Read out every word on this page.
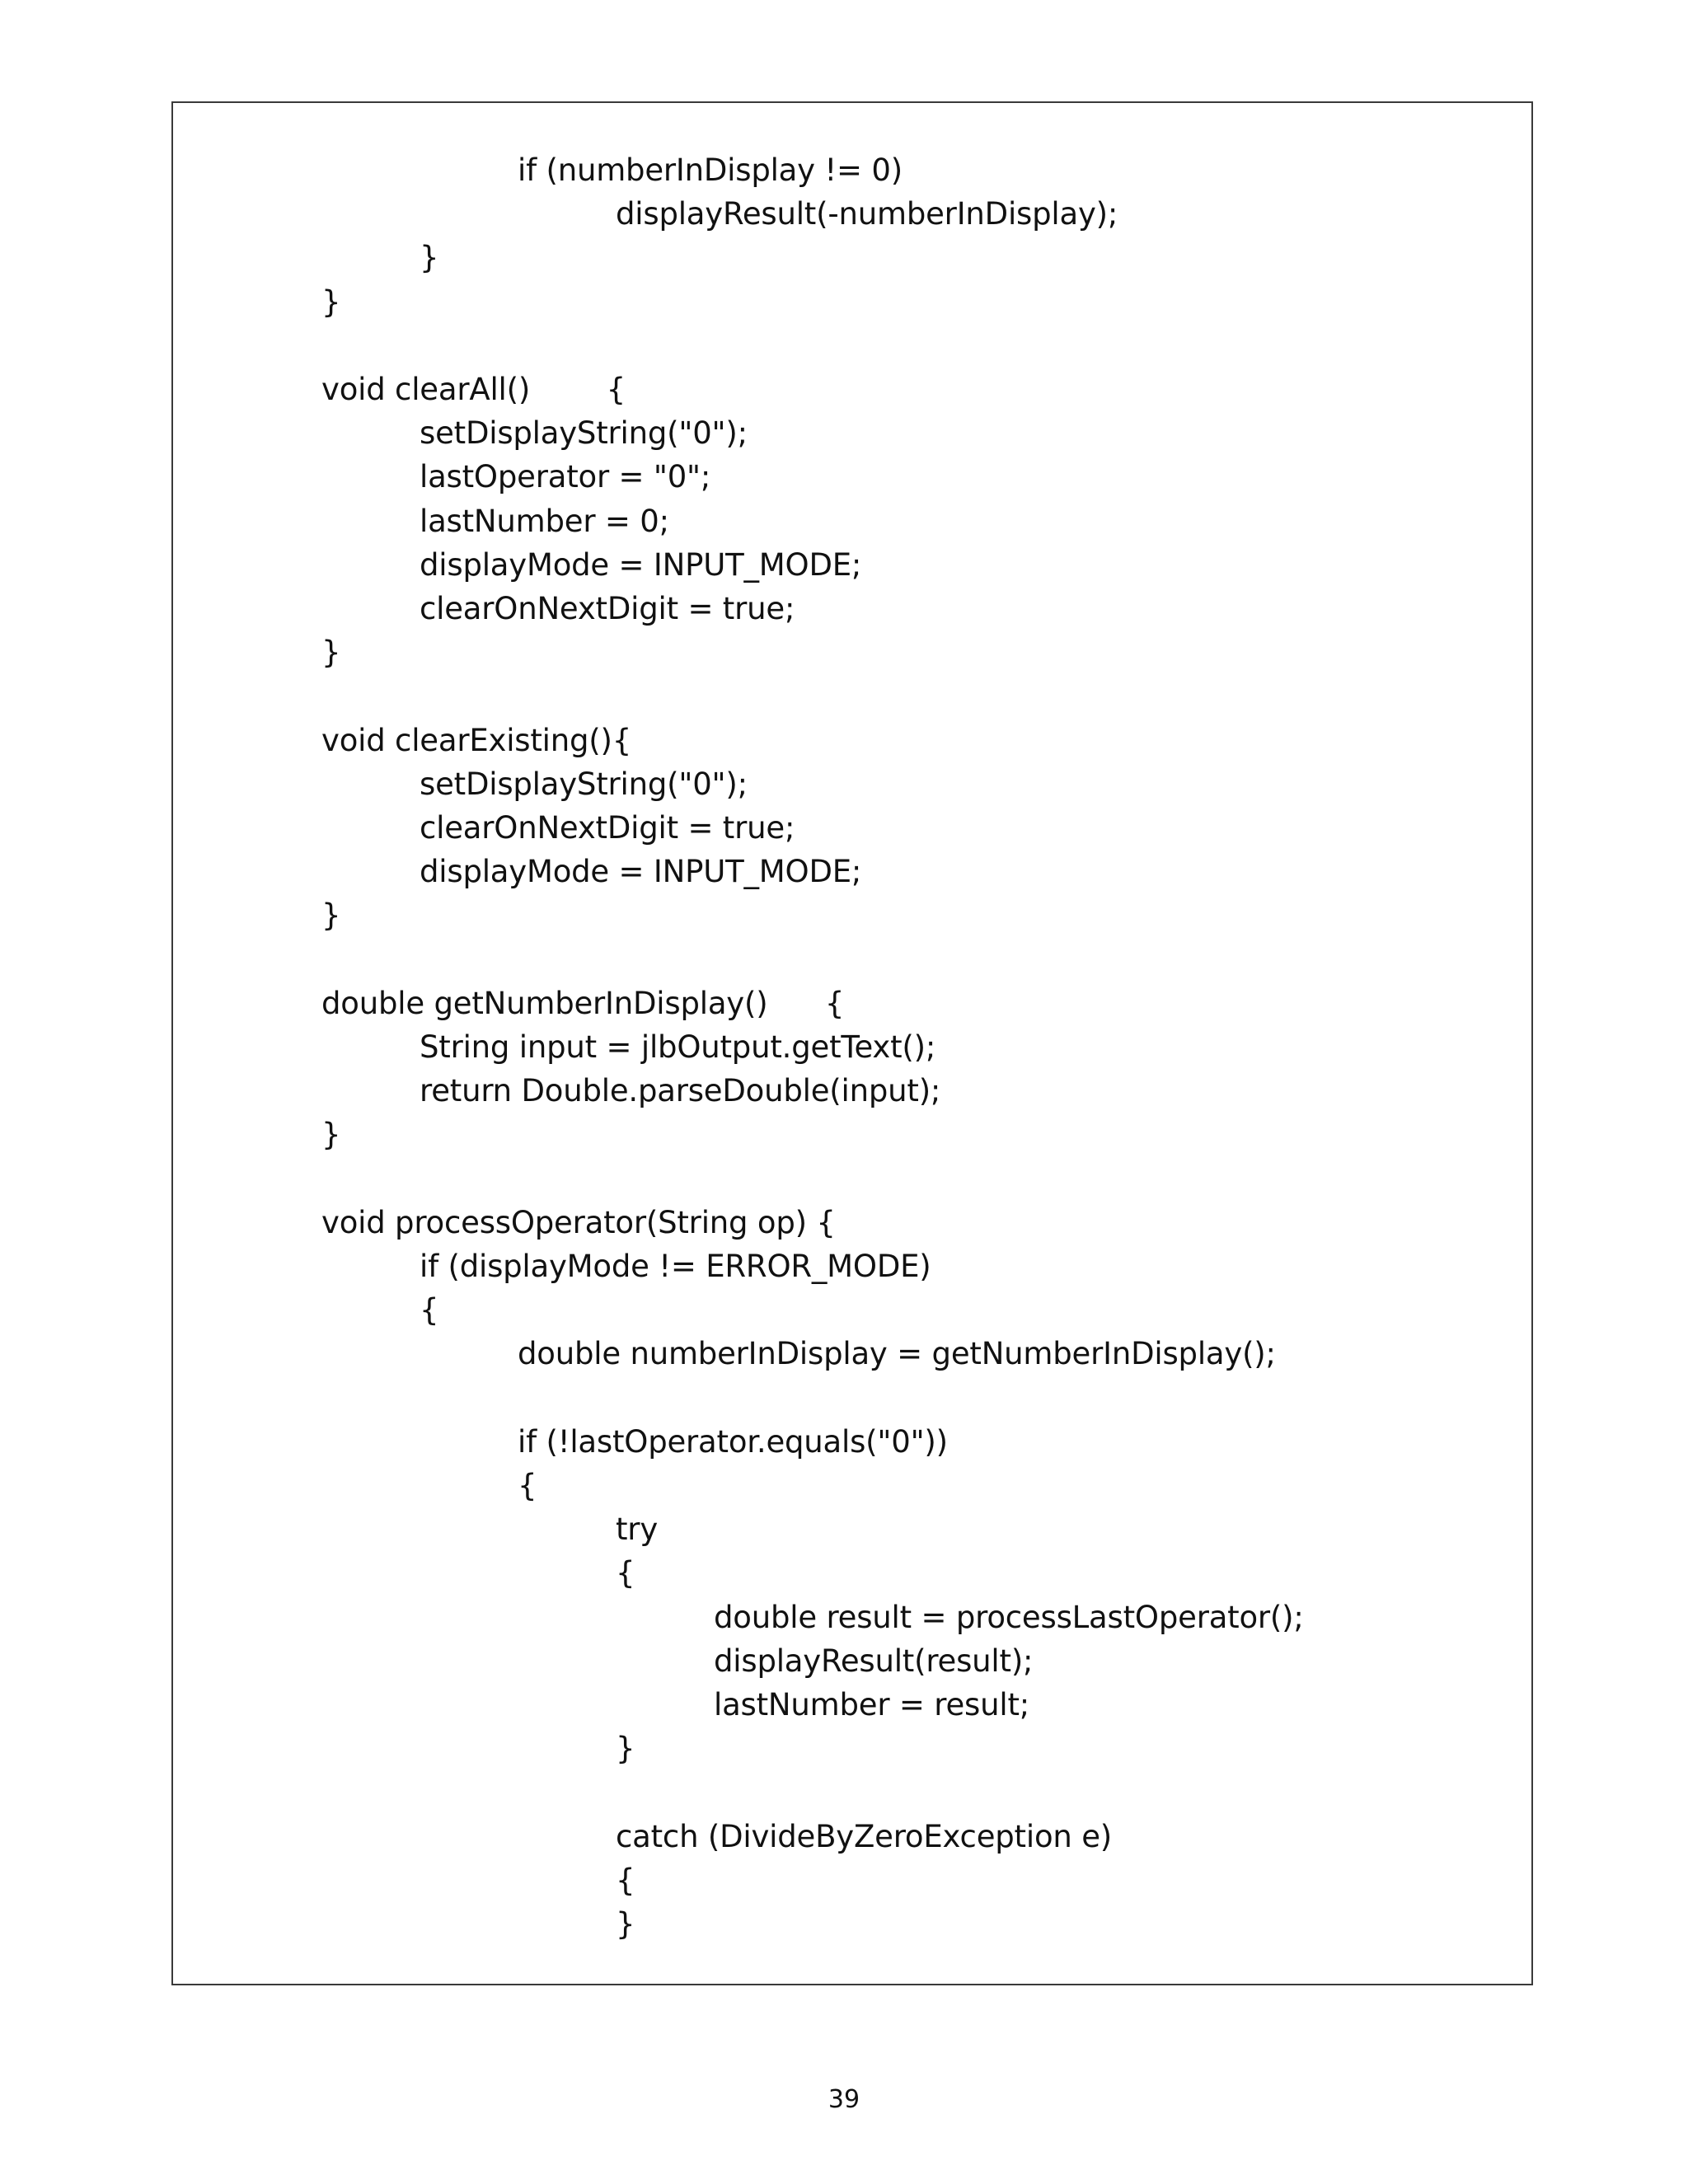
if (numberInDisplay != 0)
displayResult(-numberInDisplay);
}
}
void clearAll()        {
setDisplayString("0");
lastOperator = "0";
lastNumber = 0;
displayMode = INPUT_MODE;
clearOnNextDigit = true;
}
void clearExisting(){
setDisplayString("0");
clearOnNextDigit = true;
displayMode = INPUT_MODE;
}
double getNumberInDisplay()      {
String input = jlbOutput.getText();
return Double.parseDouble(input);
}
void processOperator(String op) {
if (displayMode != ERROR_MODE)
{
double numberInDisplay = getNumberInDisplay();
if (!lastOperator.equals("0"))
{
try
{
double result = processLastOperator();
displayResult(result);
lastNumber = result;
}
catch (DivideByZeroException e)
{
}
39
